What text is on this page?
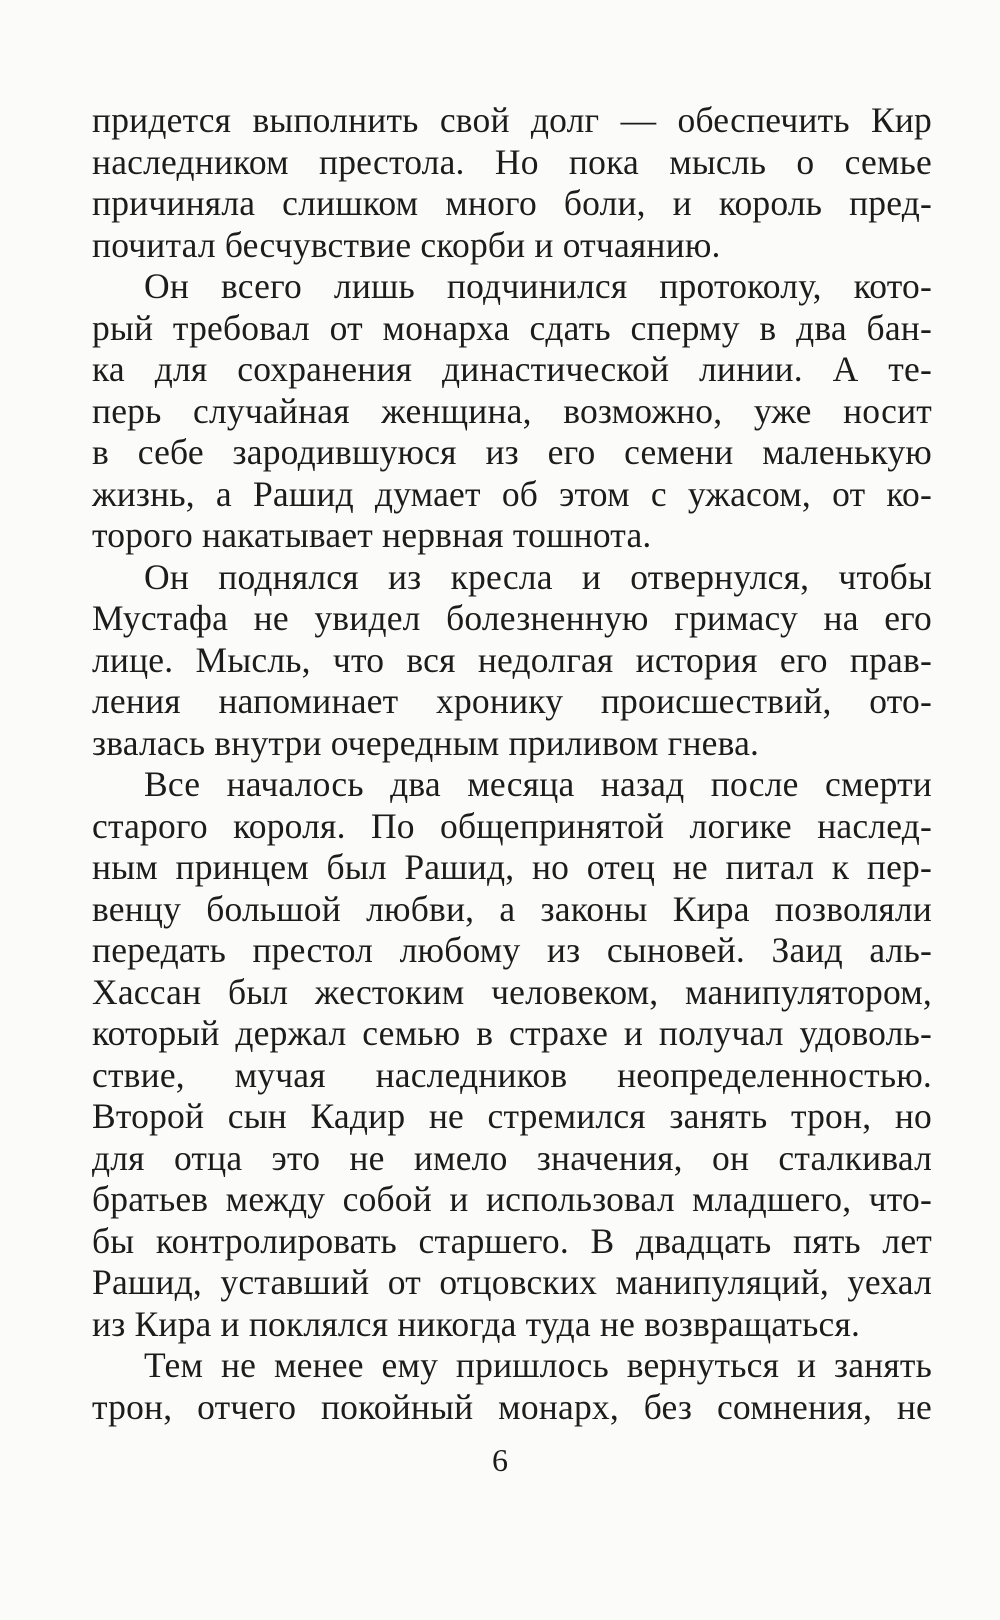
придется выполнить свой долг — обеспечить Кир
наследником престола. Но пока мысль о семье
причиняла слишком много боли, и король пред-
почитал бесчувствие скорби и отчаянию.

Он всего лишь подчинился протоколу, кото-
рый требовал от монарха сдать сперму в два бан-
ка для сохранения династической линии. А те-
перь случайная женщина, возможно, уже носит
в себе зародившуюся из его семени маленькую
жизнь, а Рашид думает об этом с ужасом, от ко-
торого накатывает нервная тошнота.

Он поднялся из кресла и отвернулся, чтобы
Мустафа не увидел болезненную гримасу на его
лице. Мысль, что вся недолгая история его прав-
ления напоминает хронику происшествий, ото-
звалась внутри очередным приливом гнева.

Все началось два месяца назад после смерти
старого короля. По общепринятой логике наслед-
ным принцем был Рашид, но отец не питал к пер-
венцу большой любви, а законы Кира позволяли
передать престол любому из сыновей. Заид аль-
Хассан был жестоким человеком, манипулятором,
который держал семью в страхе и получал удоволь-
ствие, мучая наследников неопределенностью.
Второй сын Кадир не стремился занять трон, но
для отца это не имело значения, он сталкивал
братьев между собой и использовал младшего, что-
бы контролировать старшего. В двадцать пять лет
Рашид, уставший от отцовских манипуляций, уехал
из Кира и поклялся никогда туда не возвращаться.

Тем не менее ему пришлось вернуться и занять
трон, отчего покойный монарх, без сомнения, не

6
